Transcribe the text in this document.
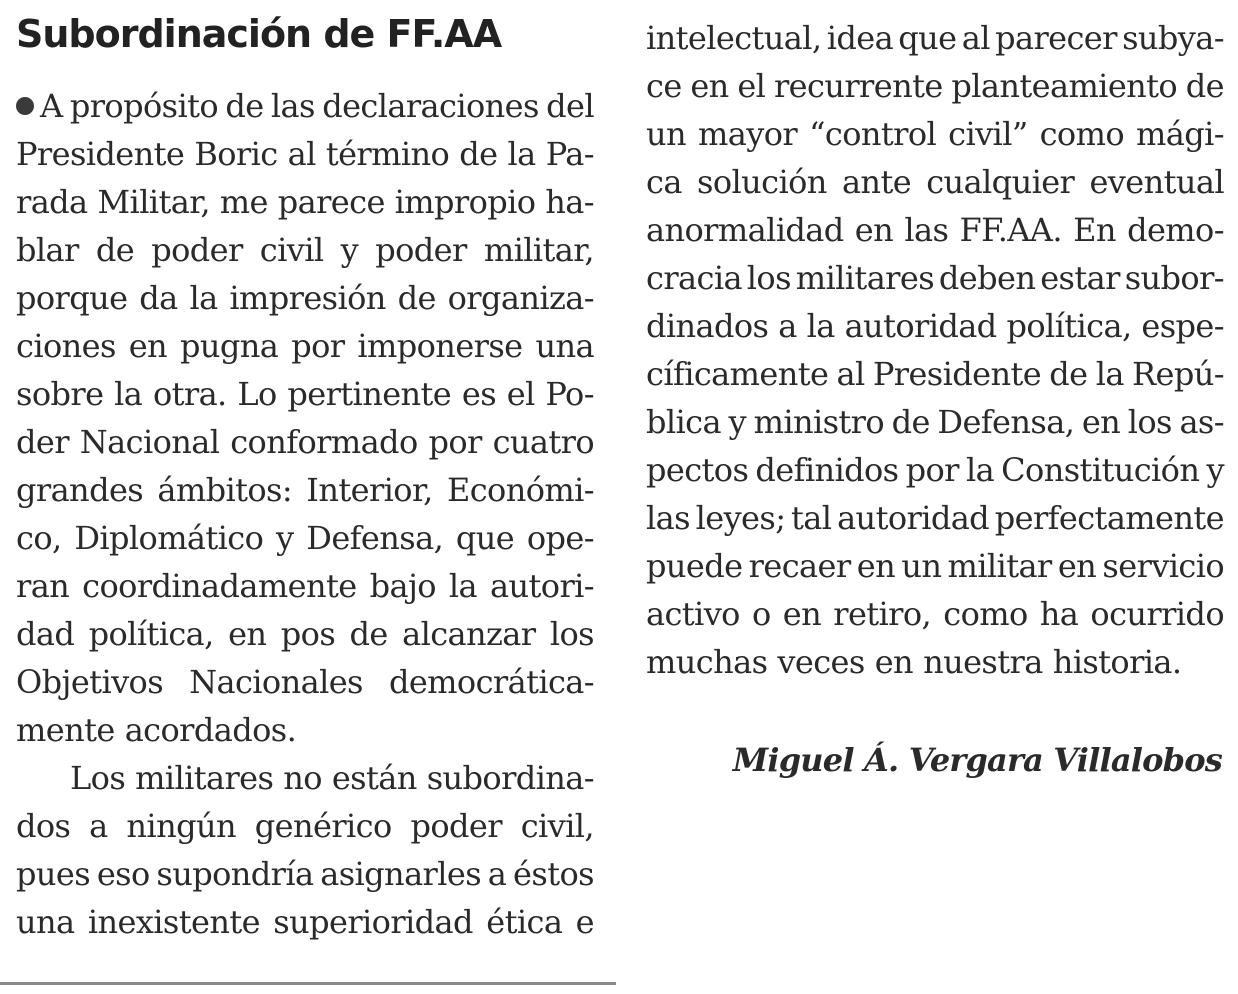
Subordinación de FF.AA
A propósito de las declaraciones del
Presidente Boric al término de la Pa-
rada Militar, me parece impropio ha-
blar de poder civil y poder militar,
porque da la impresión de organiza-
ciones en pugna por imponerse una
sobre la otra. Lo pertinente es el Po-
der Nacional conformado por cuatro
grandes ámbitos: Interior, Económi-
co, Diplomático y Defensa, que ope-
ran coordinadamente bajo la autori-
dad política, en pos de alcanzar los
Objetivos Nacionales democrática-
mente acordados.
Los militares no están subordina-
dos a ningún genérico poder civil,
pues eso supondría asignarles a éstos
una inexistente superioridad ética e
intelectual, idea que al parecer subya-
ce en el recurrente planteamiento de
un mayor “control civil” como mági-
ca solución ante cualquier eventual
anormalidad en las FF.AA. En demo-
cracia los militares deben estar subor-
dinados a la autoridad política, espe-
cíficamente al Presidente de la Repú-
blica y ministro de Defensa, en los as-
pectos definidos por la Constitución y
las leyes; tal autoridad perfectamente
puede recaer en un militar en servicio
activo o en retiro, como ha ocurrido
muchas veces en nuestra historia.

Miguel Á. Vergara Villalobos
